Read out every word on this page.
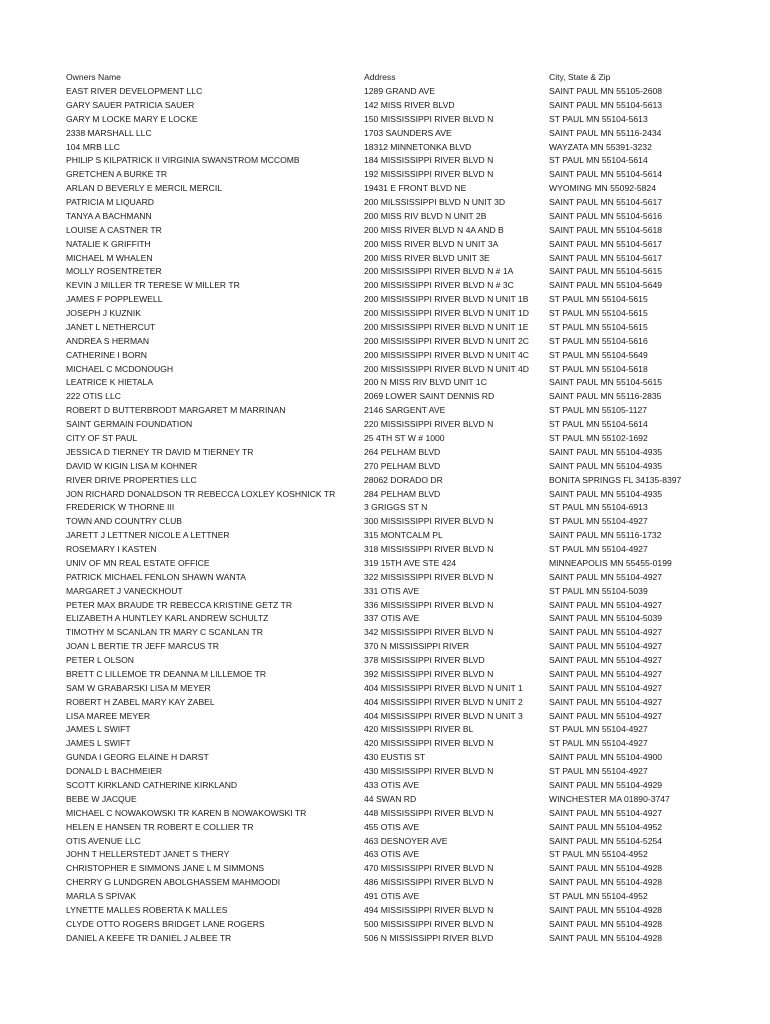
Owners Name	Address	City, State & Zip
EAST RIVER DEVELOPMENT LLC	1289 GRAND AVE	SAINT PAUL MN 55105-2608
GARY SAUER PATRICIA SAUER	142 MISS RIVER BLVD	SAINT PAUL MN 55104-5613
GARY M LOCKE MARY E LOCKE	150 MISSISSIPPI RIVER BLVD N	ST PAUL MN 55104-5613
2338 MARSHALL LLC	1703 SAUNDERS AVE	SAINT PAUL MN 55116-2434
104 MRB LLC	18312 MINNETONKA BLVD	WAYZATA MN 55391-3232
PHILIP S KILPATRICK II VIRGINIA SWANSTROM MCCOMB	184 MISSISSIPPI RIVER BLVD N	ST PAUL MN 55104-5614
GRETCHEN A BURKE TR	192 MISSISSIPPI RIVER BLVD N	SAINT PAUL MN 55104-5614
ARLAN D BEVERLY E MERCIL MERCIL	19431 E FRONT BLVD NE	WYOMING MN 55092-5824
PATRICIA M LIQUARD	200 MILSSISSIPPI BLVD N UNIT 3D	SAINT PAUL MN 55104-5617
TANYA A BACHMANN	200 MISS RIV BLVD N UNIT 2B	SAINT PAUL MN 55104-5616
LOUISE A CASTNER TR	200 MISS RIVER BLVD N 4A AND B	SAINT PAUL MN 55104-5618
NATALIE K GRIFFITH	200 MISS RIVER BLVD N UNIT 3A	SAINT PAUL MN 55104-5617
MICHAEL M WHALEN	200 MISS RIVER BLVD UNIT 3E	SAINT PAUL MN 55104-5617
MOLLY ROSENTRETER	200 MISSISSIPPI RIVER BLVD N # 1A	SAINT PAUL MN 55104-5615
KEVIN J MILLER TR TERESE W MILLER TR	200 MISSISSIPPI RIVER BLVD N # 3C	SAINT PAUL MN 55104-5649
JAMES F POPPLEWELL	200 MISSISSIPPI RIVER BLVD N UNIT 1B	ST PAUL MN 55104-5615
JOSEPH J KUZNIK	200 MISSISSIPPI RIVER BLVD N UNIT 1D	ST PAUL MN 55104-5615
JANET L NETHERCUT	200 MISSISSIPPI RIVER BLVD N UNIT 1E	ST PAUL MN 55104-5615
ANDREA S HERMAN	200 MISSISSIPPI RIVER BLVD N UNIT 2C	ST PAUL MN 55104-5616
CATHERINE I BORN	200 MISSISSIPPI RIVER BLVD N UNIT 4C	ST PAUL MN 55104-5649
MICHAEL C MCDONOUGH	200 MISSISSIPPI RIVER BLVD N UNIT 4D	ST PAUL MN 55104-5618
LEATRICE K HIETALA	200 N MISS RIV BLVD UNIT 1C	SAINT PAUL MN 55104-5615
222 OTIS LLC	2069 LOWER SAINT DENNIS RD	SAINT PAUL MN 55116-2835
ROBERT D BUTTERBRODT MARGARET M MARRINAN	2146 SARGENT AVE	ST PAUL MN 55105-1127
SAINT GERMAIN FOUNDATION	220 MISSISSIPPI RIVER BLVD N	ST PAUL MN 55104-5614
CITY OF ST PAUL	25 4TH ST W # 1000	ST PAUL MN 55102-1692
JESSICA D TIERNEY TR DAVID M TIERNEY TR	264 PELHAM BLVD	SAINT PAUL MN 55104-4935
DAVID W KIGIN LISA M KOHNER	270 PELHAM BLVD	SAINT PAUL MN 55104-4935
RIVER DRIVE PROPERTIES LLC	28062 DORADO DR	BONITA SPRINGS FL 34135-8397
JON RICHARD DONALDSON TR REBECCA LOXLEY KOSHNICK TR	284 PELHAM BLVD	SAINT PAUL MN 55104-4935
FREDERICK W THORNE III	3 GRIGGS ST N	ST PAUL MN 55104-6913
TOWN AND COUNTRY CLUB	300 MISSISSIPPI RIVER BLVD N	ST PAUL MN 55104-4927
JARETT J LETTNER NICOLE A LETTNER	315 MONTCALM PL	SAINT PAUL MN 55116-1732
ROSEMARY I KASTEN	318 MISSISSIPPI RIVER BLVD N	ST PAUL MN 55104-4927
UNIV OF MN REAL ESTATE OFFICE	319 15TH AVE STE 424	MINNEAPOLIS MN 55455-0199
PATRICK MICHAEL FENLON SHAWN WANTA	322 MISSISSIPPI RIVER BLVD N	SAINT PAUL MN 55104-4927
MARGARET J VANECKHOUT	331 OTIS AVE	ST PAUL MN 55104-5039
PETER MAX BRAUDE TR REBECCA KRISTINE GETZ TR	336 MISSISSIPPI RIVER BLVD N	SAINT PAUL MN 55104-4927
ELIZABETH A HUNTLEY KARL ANDREW SCHULTZ	337 OTIS AVE	SAINT PAUL MN 55104-5039
TIMOTHY M SCANLAN TR MARY C SCANLAN TR	342 MISSISSIPPI RIVER BLVD N	SAINT PAUL MN 55104-4927
JOAN L BERTIE TR JEFF MARCUS TR	370 N MISSISSIPPI RIVER	SAINT PAUL MN 55104-4927
PETER L OLSON	378 MISSISSIPPI RIVER BLVD	SAINT PAUL MN 55104-4927
BRETT C LILLEMOE TR DEANNA M LILLEMOE TR	392 MISSISSIPPI RIVER BLVD N	SAINT PAUL MN 55104-4927
SAM W GRABARSKI LISA M MEYER	404 MISSISSIPPI RIVER BLVD N UNIT 1	SAINT PAUL MN 55104-4927
ROBERT H ZABEL MARY KAY ZABEL	404 MISSISSIPPI RIVER BLVD N UNIT 2	SAINT PAUL MN 55104-4927
LISA MAREE MEYER	404 MISSISSIPPI RIVER BLVD N UNIT 3	SAINT PAUL MN 55104-4927
JAMES L SWIFT	420 MISSISSIPPI RIVER BL	ST PAUL MN 55104-4927
JAMES L SWIFT	420 MISSISSIPPI RIVER BLVD N	ST PAUL MN 55104-4927
GUNDA I GEORG ELAINE H DARST	430 EUSTIS ST	SAINT PAUL MN 55104-4900
DONALD L BACHMEIER	430 MISSISSIPPI RIVER BLVD N	ST PAUL MN 55104-4927
SCOTT KIRKLAND CATHERINE KIRKLAND	433 OTIS AVE	SAINT PAUL MN 55104-4929
BEBE W JACQUE	44 SWAN RD	WINCHESTER MA 01890-3747
MICHAEL C NOWAKOWSKI TR KAREN B NOWAKOWSKI TR	448 MISSISSIPPI RIVER BLVD N	SAINT PAUL MN 55104-4927
HELEN E HANSEN TR ROBERT E COLLIER TR	455 OTIS AVE	SAINT PAUL MN 55104-4952
OTIS AVENUE LLC	463 DESNOYER AVE	SAINT PAUL MN 55104-5254
JOHN T HELLERSTEDT JANET S THERY	463 OTIS AVE	ST PAUL MN 55104-4952
CHRISTOPHER E SIMMONS JANE L M SIMMONS	470 MISSISSIPPI RIVER BLVD N	SAINT PAUL MN 55104-4928
CHERRY G LUNDGREN ABOLGHASSEM MAHMOODI	486 MISSISSIPPI RIVER BLVD N	SAINT PAUL MN 55104-4928
MARLA S SPIVAK	491 OTIS AVE	ST PAUL MN 55104-4952
LYNETTE MALLES ROBERTA K MALLES	494 MISSISSIPPI RIVER BLVD N	SAINT PAUL MN 55104-4928
CLYDE OTTO ROGERS BRIDGET LANE ROGERS	500 MISSISSIPPI RIVER BLVD N	SAINT PAUL MN 55104-4928
DANIEL A KEEFE TR DANIEL J ALBEE TR	506 N MISSISSIPPI RIVER BLVD	SAINT PAUL MN 55104-4928
